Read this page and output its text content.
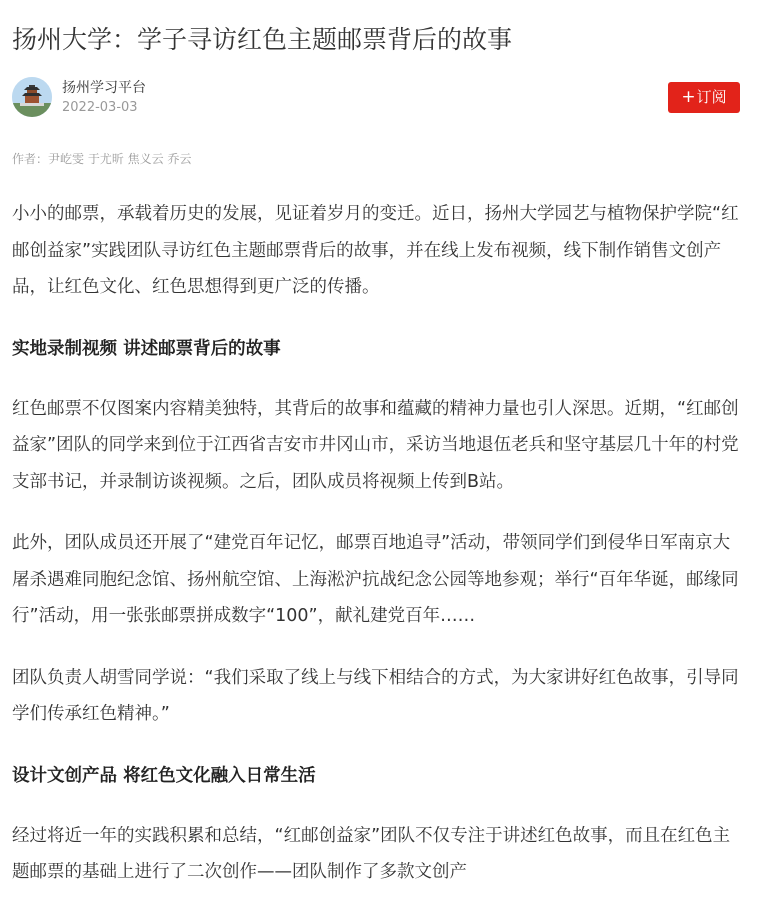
扬州大学：学子寻访红色主题邮票背后的故事
扬州学习平台
2022-03-03
+订阅
作者：尹屹雯 于尤昕 焦义云 乔云

小小的邮票，承载着历史的发展，见证着岁月的变迁。近日，扬州大学园艺与植物保护学院“红邮创益家”实践团队寻访红色主题邮票背后的故事，并在线上发布视频，线下制作销售文创产品，让红色文化、红色思想得到更广泛的传播。

实地录制视频 讲述邮票背后的故事

红色邮票不仅图案内容精美独特，其背后的故事和蕴藏的精神力量也引人深思。近期，“红邮创益家”团队的同学来到位于江西省吉安市井冈山市，采访当地退伍老兵和坚守基层几十年的村党支部书记，并录制访谈视频。之后，团队成员将视频上传到B站。

此外，团队成员还开展了“建党百年记忆，邮票百地追寻”活动，带领同学们到侵华日军南京大屠杀遇难同胞纪念馆、扬州航空馆、上海淞沪抗战纪念公园等地参观；举行“百年华诞，邮缘同行”活动，用一张张邮票拼成数字“100”，献礼建党百年……

团队负责人胡雪同学说：“我们采取了线上与线下相结合的方式，为大家讲好红色故事，引导同学们传承红色精神。”

设计文创产品 将红色文化融入日常生活

经过将近一年的实践积累和总结，“红邮创益家”团队不仅专注于讲述红色故事，而且在红色主题邮票的基础上进行了二次创作——团队制作了多款文创产
